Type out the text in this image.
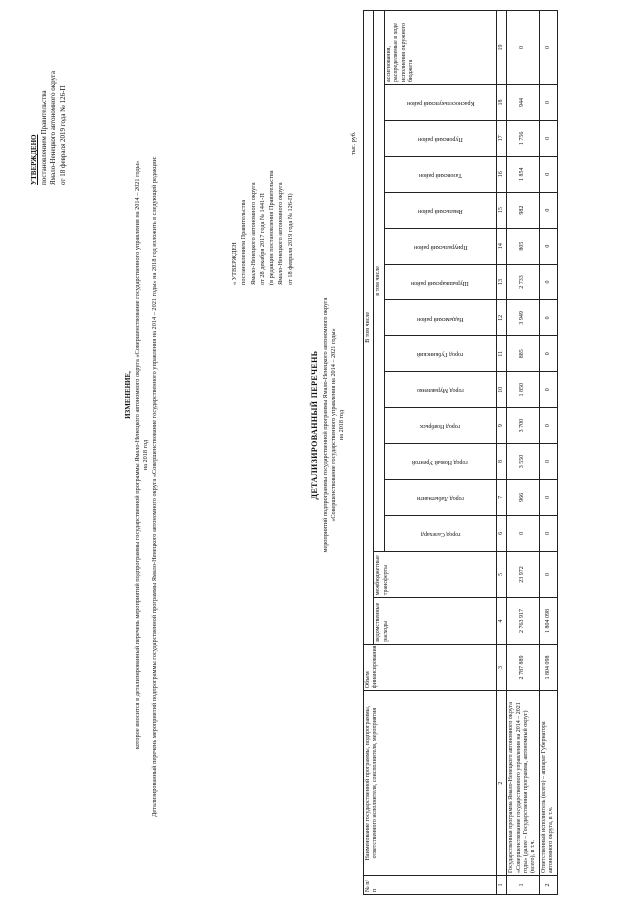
УТВЕРЖДЕНО постановлением Правительства Ямало-Ненецкого автономного округа от 18 февраля 2019 года № 126-П
ИЗМЕНЕНИЕ, которое вносится в детализированный перечень мероприятий подпрограммы государственной программы Ямало-Ненецкого автономного округа «Совершенствование государственного управления на 2014 – 2021 годы» на 2018 год Детализированный перечень мероприятий подпрограммы государственной программы Ямало-Ненецкого автономного округа «Совершенствование государственного управления на 2014 – 2021 годы» на 2018 год изложить в следующей редакции:	« УТВЕРЖДЕН постановлением Правительства Ямало-Ненецкого автономного округа от 28 декабря 2017 года № 1441-П (в редакции постановления Правительства Ямало-Ненецкого автономного округа от 18 февраля 2019 года № 126-П)
ДЕТАЛИЗИРОВАННЫЙ ПЕРЕЧЕНЬ мероприятий подпрограммы государственной программы Ямало-Ненецкого автономного округа «Совершенствование государственного управления на 2014 – 2021 годы» на 2018 год
тыс. руб.
№ п/п	Наименование государственной программы, подпрограммы, ответственного исполнителя, соисполнителя, мероприятия	Объем финансирования	В том числе															
			ведомственные расходы	межбюджетные трансферты	в том числе													

					город Салехард	город Лабытнанги	город Новый Уренгой	город Ноябрьск	город Муравленко	город Губкинский	Надымский район	Шурышкарский район	Приуральский район	Ямальский район	Тазовский район	Пуровский район	Красноселькупский район	ассигнования, распределяемые в ходе исполнения окружного бюджета
1	2	3	4	5	6	7	8	9	10	11	12	13	14	15	16	17	18	19
1	Государственная программа Ямало-Ненецкого автономного округа «Совершенствование государственного управления на 2014 – 2021 годы» (далее – Государственная программа, автономный округ) (всего), в т.ч.	2 787 889	2 763 917	23 972	0	966	3 550	3 700	1 850	885	3 949	2 733	805	982	1 854	1 756	944	0
2	Ответственный исполнитель (всего) – аппарат Губернатора автономного округа, в т.ч.	1 804 098	1 804 098	0	0	0	0	0	0	0	0	0	0	0	0	0	0	0
